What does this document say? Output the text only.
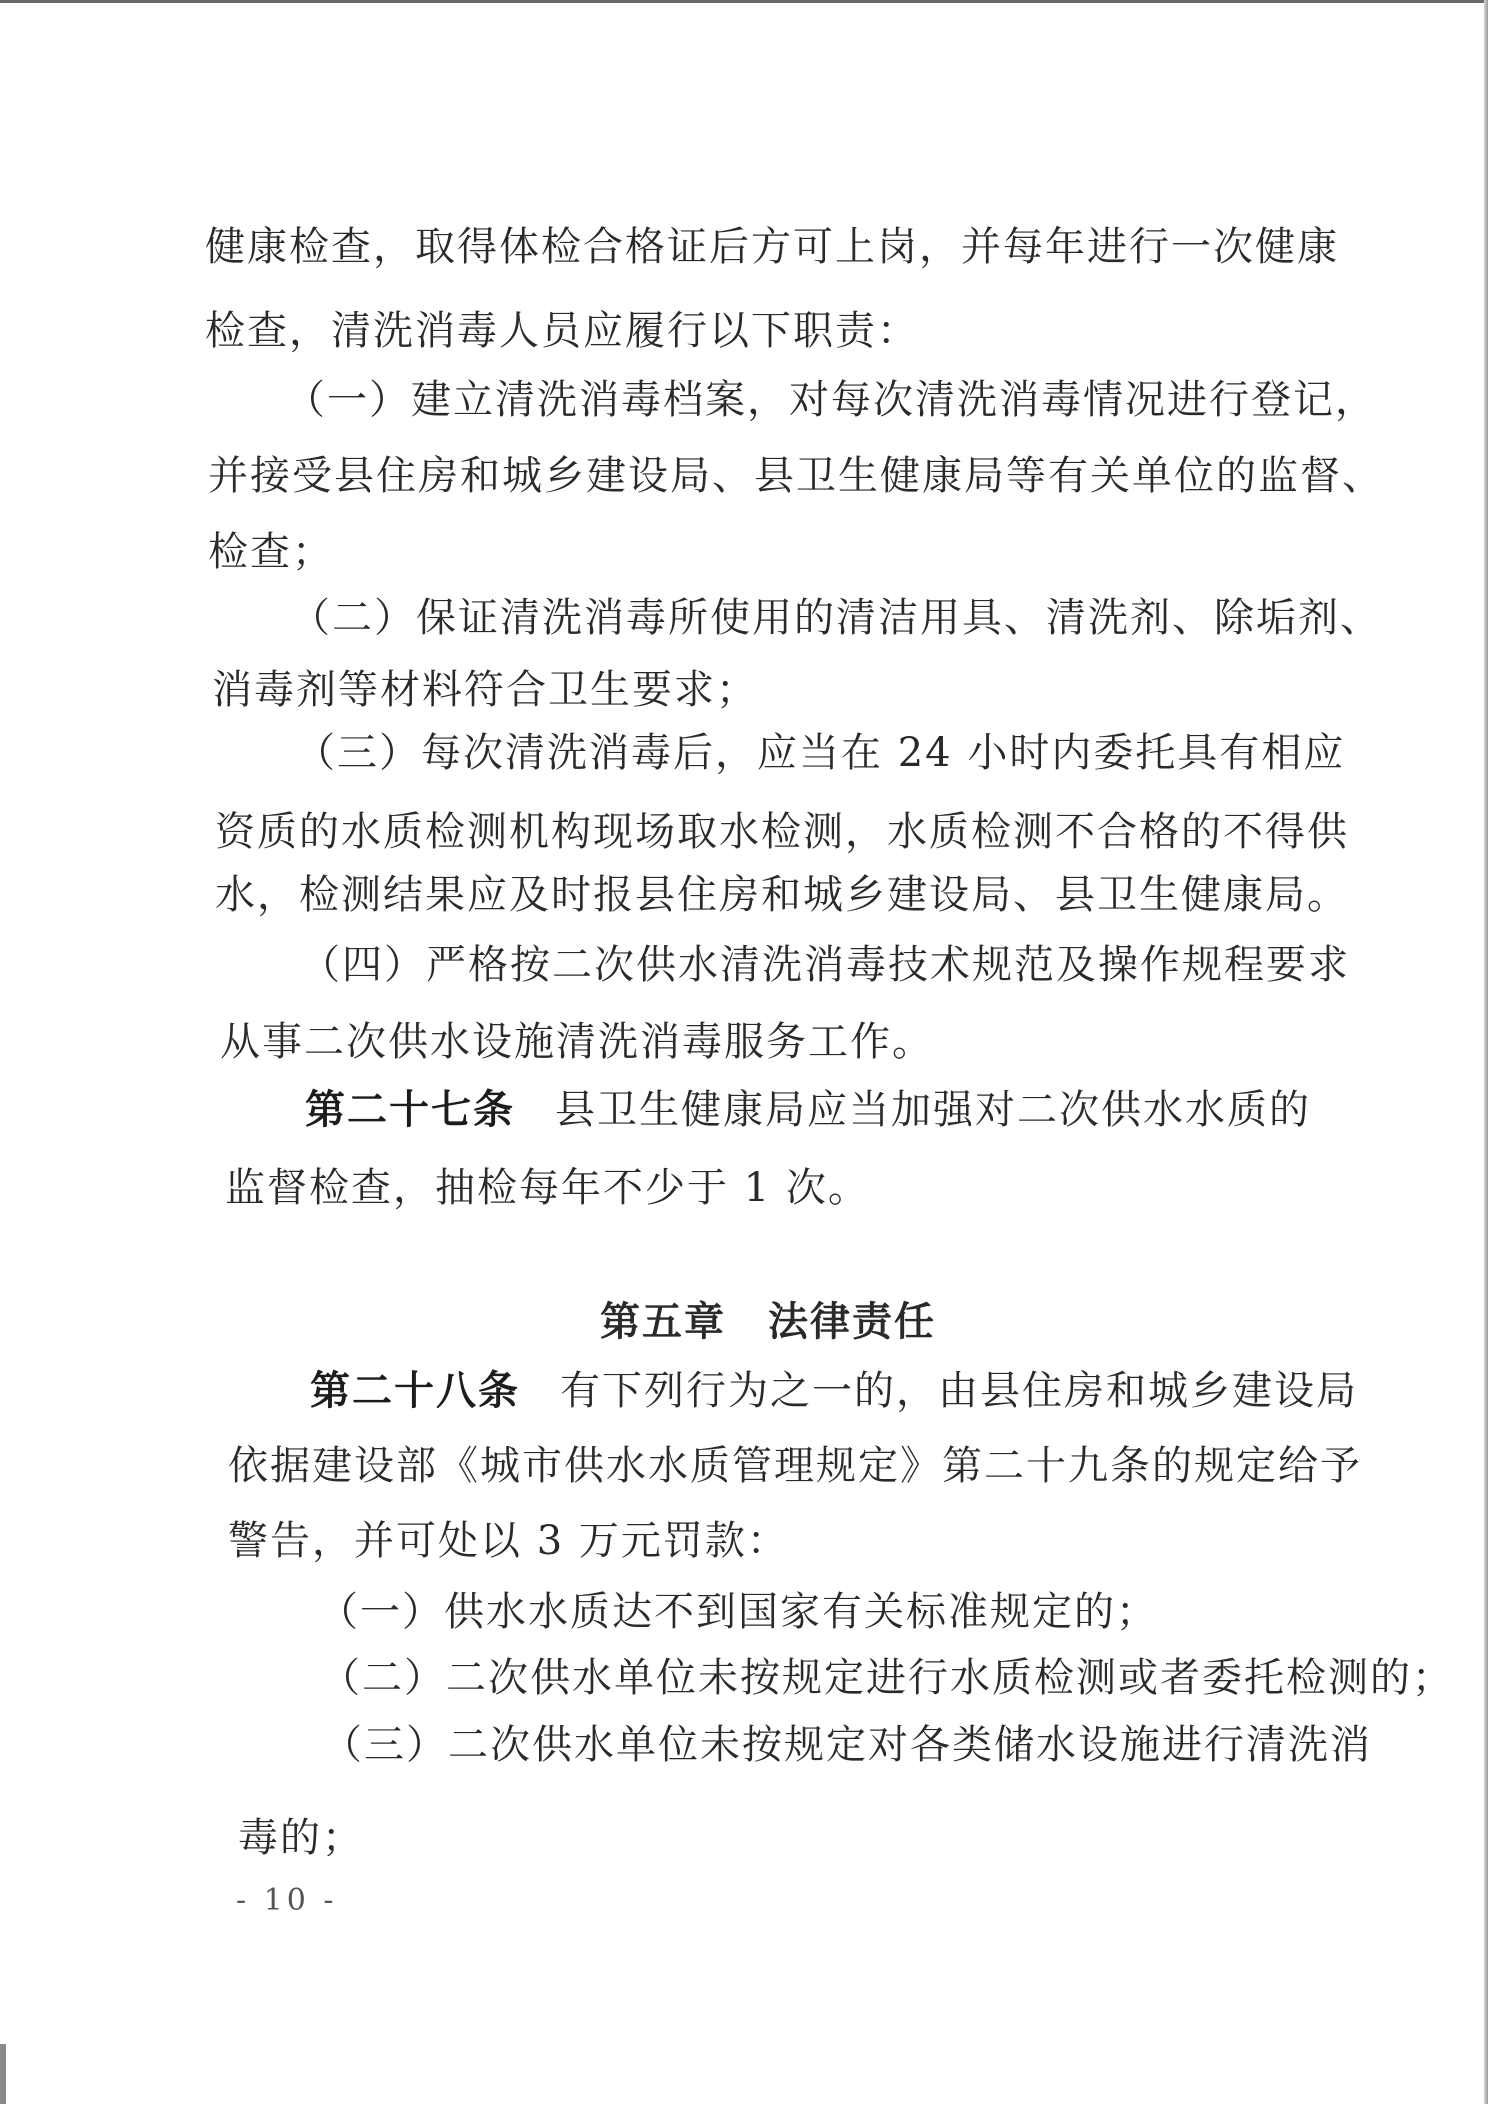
健康检查，取得体检合格证后方可上岗，并每年进行一次健康
检查，清洗消毒人员应履行以下职责：
（一）建立清洗消毒档案，对每次清洗消毒情况进行登记，
并接受县住房和城乡建设局、县卫生健康局等有关单位的监督、
检查；
（二）保证清洗消毒所使用的清洁用具、清洗剂、除垢剂、
消毒剂等材料符合卫生要求；
（三）每次清洗消毒后，应当在 24 小时内委托具有相应
资质的水质检测机构现场取水检测，水质检测不合格的不得供
水，检测结果应及时报县住房和城乡建设局、县卫生健康局。
（四）严格按二次供水清洗消毒技术规范及操作规程要求
从事二次供水设施清洗消毒服务工作。
第二十七条 县卫生健康局应当加强对二次供水水质的
监督检查，抽检每年不少于 1 次。
第五章　法律责任
第二十八条 有下列行为之一的，由县住房和城乡建设局
依据建设部《城市供水水质管理规定》第二十九条的规定给予
警告，并可处以 3 万元罚款：
（一）供水水质达不到国家有关标准规定的；
（二）二次供水单位未按规定进行水质检测或者委托检测的；
（三）二次供水单位未按规定对各类储水设施进行清洗消
毒的；
- 10 -
